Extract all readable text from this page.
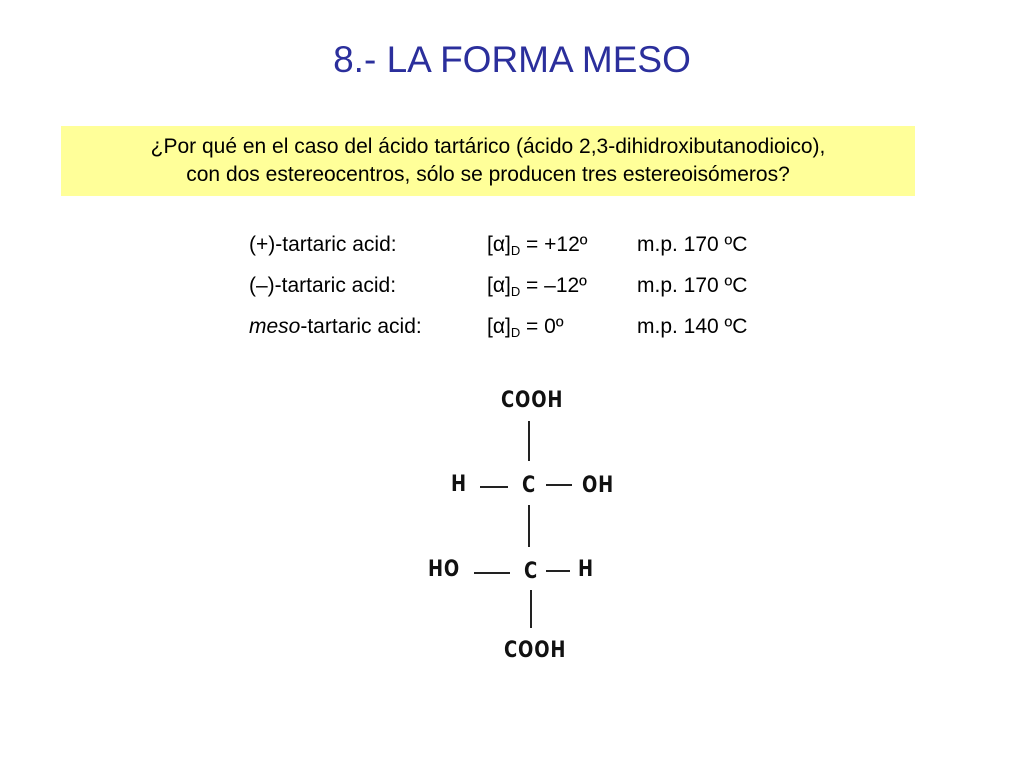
8.- LA FORMA MESO
¿Por qué en el caso del ácido tartárico (ácido 2,3-dihidroxibutanodioico),
con dos estereocentros, sólo se producen tres estereoisómeros?
(+)-tartaric acid:	$[\alpha]_D$ = +12º m.p. 170 ºC
(–)-tartaric acid:	$[\alpha]_D$ = –12º m.p. 170 ºC
meso-tartaric acid:	$[\alpha]_D$ = 0º	m.p. 140 ºC
COOH
H	C OH
HO	C H
COOH
